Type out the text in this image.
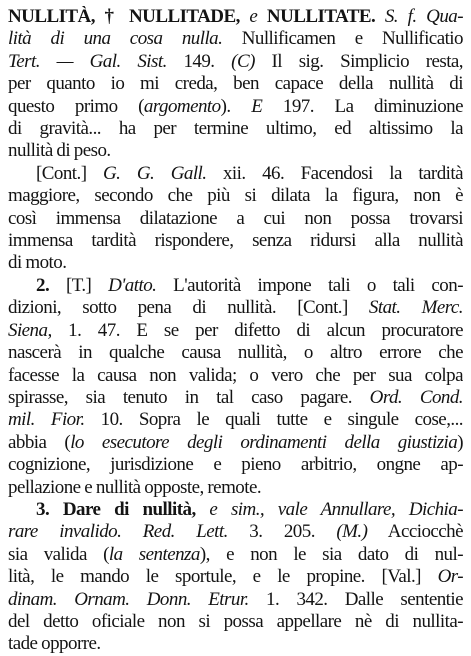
NULLITÀ, † NULLITADE, e NULLITATE. S. f. Qua-
lità di una cosa nulla. Nullificamen e Nullificatio
Tert. — Gal. Sist. 149. (C) Il sig. Simplicio resta,
per quanto io mi creda, ben capace della nullità di
questo primo (argomento). E 197. La diminuzione
di gravità... ha per termine ultimo, ed altissimo la
nullità di peso.
[Cont.] G. G. Gall. xii. 46. Facendosi la tardità
maggiore, secondo che più si dilata la figura, non è
così immensa dilatazione a cui non possa trovarsi
immensa tardità rispondere, senza ridursi alla nullità
di moto.
2. [T.] D'atto. L'autorità impone tali o tali con-
dizioni, sotto pena di nullità. [Cont.] Stat. Merc.
Siena, 1. 47. E se per difetto di alcun procuratore
nascerà in qualche causa nullità, o altro errore che
facesse la causa non valida; o vero che per sua colpa
spirasse, sia tenuto in tal caso pagare. Ord. Cond.
mil. Fior. 10. Sopra le quali tutte e singule cose,...
abbia (lo esecutore degli ordinamenti della giustizia)
cognizione, jurisdizione e pieno arbitrio, ongne ap-
pellazione e nullità opposte, remote.
3. Dare di nullità, e sim., vale Annullare, Dichia-
rare invalido. Red. Lett. 3. 205. (M.) Acciocchè
sia valida (la sentenza), e non le sia dato di nul-
lità, le mando le sportule, e le propine. [Val.] Or-
dinam. Ornam. Donn. Etrur. 1. 342. Dalle sententie
del detto oficiale non si possa appellare nè di nullita-
tade opporre.
